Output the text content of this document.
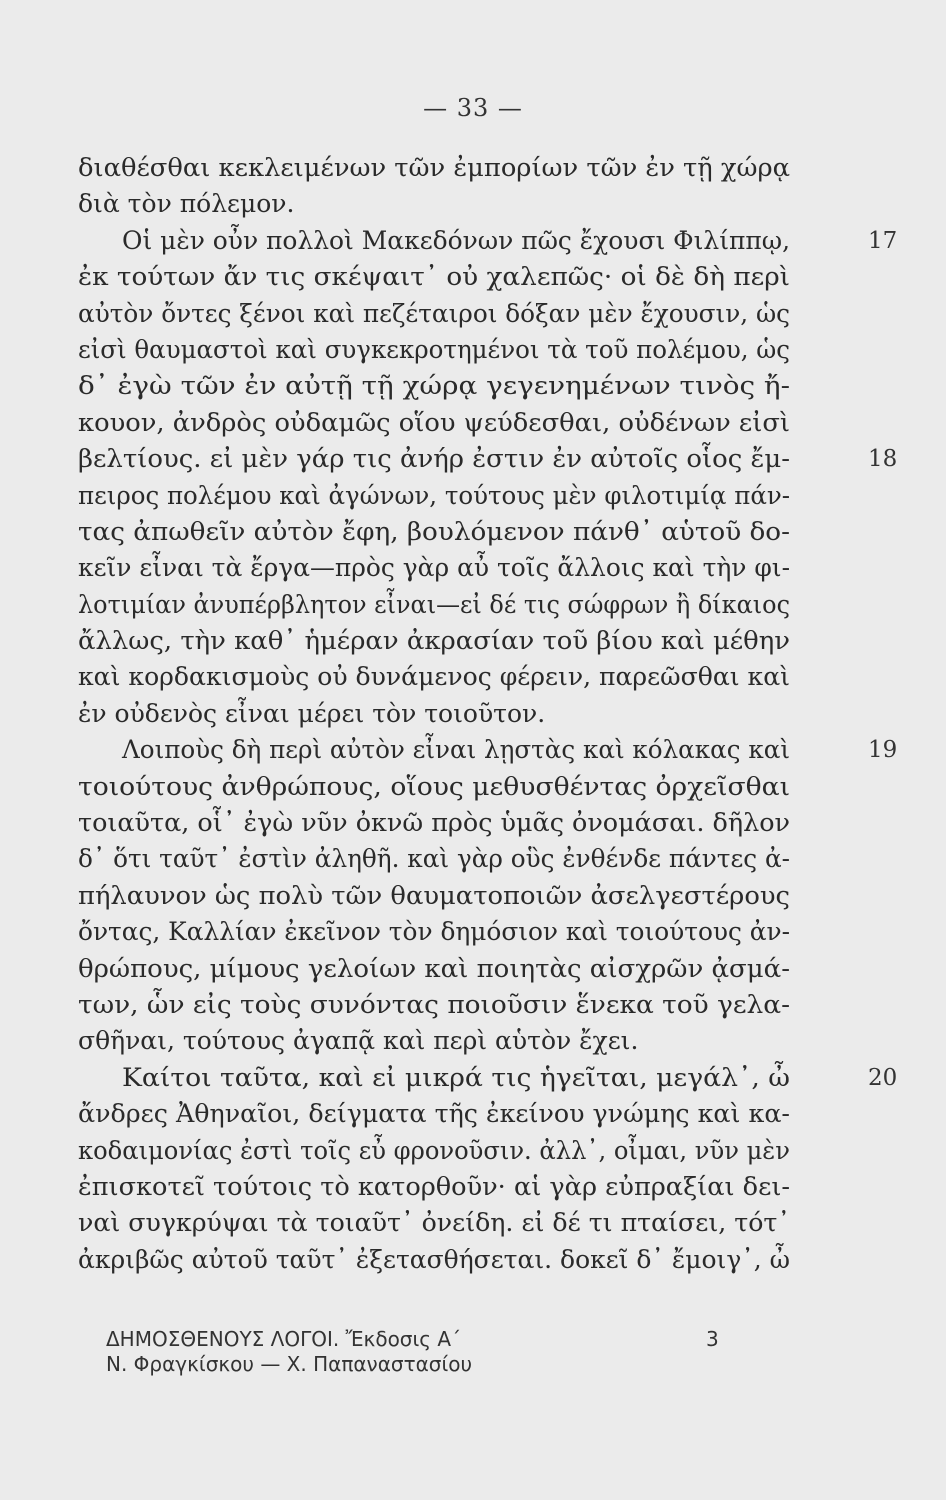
— 33 —
διαθέσθαι κεκλειμένων τῶν ἐμπορίων τῶν ἐν τῇ χώρᾳ
διὰ τὸν πόλεμον.
Οἱ μὲν οὖν πολλοὶ Μακεδόνων πῶς ἔχουσι Φιλίππῳ,	17
ἐκ τούτων ἄν τις σκέψαιτ᾽ οὐ χαλεπῶς· οἱ δὲ δὴ περὶ
αὐτὸν ὄντες ξένοι καὶ πεζέταιροι δόξαν μὲν ἔχουσιν, ὡς
εἰσὶ θαυμαστοὶ καὶ συγκεκροτημένοι τὰ τοῦ πολέμου, ὡς
δ᾽ ἐγὼ τῶν ἐν αὐτῇ τῇ χώρᾳ γεγενημένων τινὸς ἤ-
κουον, ἀνδρὸς οὐδαμῶς οἵου ψεύδεσθαι, οὐδένων εἰσὶ
βελτίους. εἰ μὲν γάρ τις ἀνήρ ἐστιν ἐν αὐτοῖς οἷος ἔμ-	18
πειρος πολέμου καὶ ἀγώνων, τούτους μὲν φιλοτιμίᾳ πάν-
τας ἀπωθεῖν αὐτὸν ἔφη, βουλόμενον πάνθ᾽ αὑτοῦ δο-
κεῖν εἶναι τὰ ἔργα—πρὸς γὰρ αὖ τοῖς ἄλλοις καὶ τὴν φι-
λοτιμίαν ἀνυπέρβλητον εἶναι—εἰ δέ τις σώφρων ἢ δίκαιος
ἄλλως, τὴν καθ᾽ ἡμέραν ἀκρασίαν τοῦ βίου καὶ μέθην
καὶ κορδακισμοὺς οὐ δυνάμενος φέρειν, παρεῶσθαι καὶ
ἐν οὐδενὸς εἶναι μέρει τὸν τοιοῦτον.
Λοιποὺς δὴ περὶ αὐτὸν εἶναι λῃστὰς καὶ κόλακας καὶ	19
τοιούτους ἀνθρώπους, οἵους μεθυσθέντας ὀρχεῖσθαι
τοιαῦτα, οἷ᾽ ἐγὼ νῦν ὀκνῶ πρὸς ὑμᾶς ὀνομάσαι. δῆλον
δ᾽ ὅτι ταῦτ᾽ ἐστὶν ἀληθῆ. καὶ γὰρ οὓς ἐνθένδε πάντες ἀ-
πήλαυνον ὡς πολὺ τῶν θαυματοποιῶν ἀσελγεστέρους
ὄντας, Καλλίαν ἐκεῖνον τὸν δημόσιον καὶ τοιούτους ἀν-
θρώπους, μίμους γελοίων καὶ ποιητὰς αἰσχρῶν ᾀσμά-
των, ὧν εἰς τοὺς συνόντας ποιοῦσιν ἕνεκα τοῦ γελα-
σθῆναι, τούτους ἀγαπᾷ καὶ περὶ αὑτὸν ἔχει.
Καίτοι ταῦτα, καὶ εἰ μικρά τις ἡγεῖται, μεγάλ᾽, ὦ	20
ἄνδρες Ἀθηναῖοι, δείγματα τῆς ἐκείνου γνώμης καὶ κα-
κοδαιμονίας ἐστὶ τοῖς εὖ φρονοῦσιν. ἀλλ᾽, οἶμαι, νῦν μὲν
ἐπισκοτεῖ τούτοις τὸ κατορθοῦν· αἱ γὰρ εὐπραξίαι δει-
ναὶ συγκρύψαι τὰ τοιαῦτ᾽ ὀνείδη. εἰ δέ τι πταίσει, τότ᾽
ἀκριβῶς αὐτοῦ ταῦτ᾽ ἐξετασθήσεται. δοκεῖ δ᾽ ἔμοιγ᾽, ὦ
ΔΗΜΟΣΘΕΝΟΥΣ ΛΟΓΟΙ. Ἔκδοσις Α΄
Ν. Φραγκίσκου — Χ. Παπαναστασίου
3
